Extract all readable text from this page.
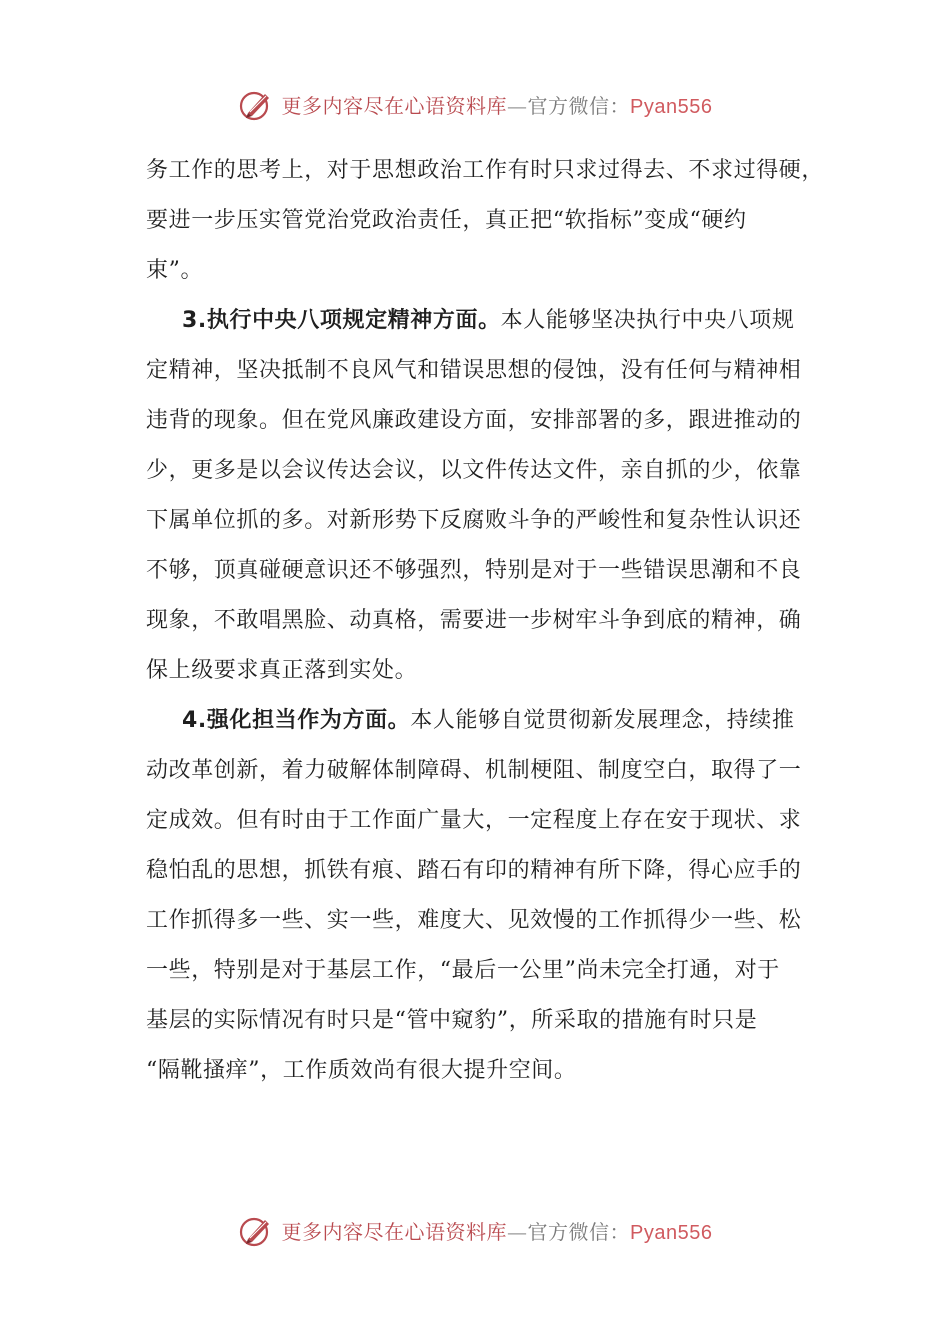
更多内容尽在心语资料库—官方微信：Pyan556
务工作的思考上，对于思想政治工作有时只求过得去、不求过得硬，
要进一步压实管党治党政治责任，真正把“软指标”变成“硬约
束”。
3.执行中央八项规定精神方面。本人能够坚决执行中央八项规
定精神，坚决抵制不良风气和错误思想的侵蚀，没有任何与精神相
违背的现象。但在党风廉政建设方面，安排部署的多，跟进推动的
少，更多是以会议传达会议，以文件传达文件，亲自抓的少，依靠
下属单位抓的多。对新形势下反腐败斗争的严峻性和复杂性认识还
不够，顶真碰硬意识还不够强烈，特别是对于一些错误思潮和不良
现象，不敢唱黑脸、动真格，需要进一步树牢斗争到底的精神，确
保上级要求真正落到实处。
4.强化担当作为方面。本人能够自觉贯彻新发展理念，持续推
动改革创新，着力破解体制障碍、机制梗阻、制度空白，取得了一
定成效。但有时由于工作面广量大，一定程度上存在安于现状、求
稳怕乱的思想，抓铁有痕、踏石有印的精神有所下降，得心应手的
工作抓得多一些、实一些，难度大、见效慢的工作抓得少一些、松
一些，特别是对于基层工作，“最后一公里”尚未完全打通，对于
基层的实际情况有时只是“管中窥豹”，所采取的措施有时只是
“隔靴搔痒”，工作质效尚有很大提升空间。
更多内容尽在心语资料库—官方微信：Pyan556
